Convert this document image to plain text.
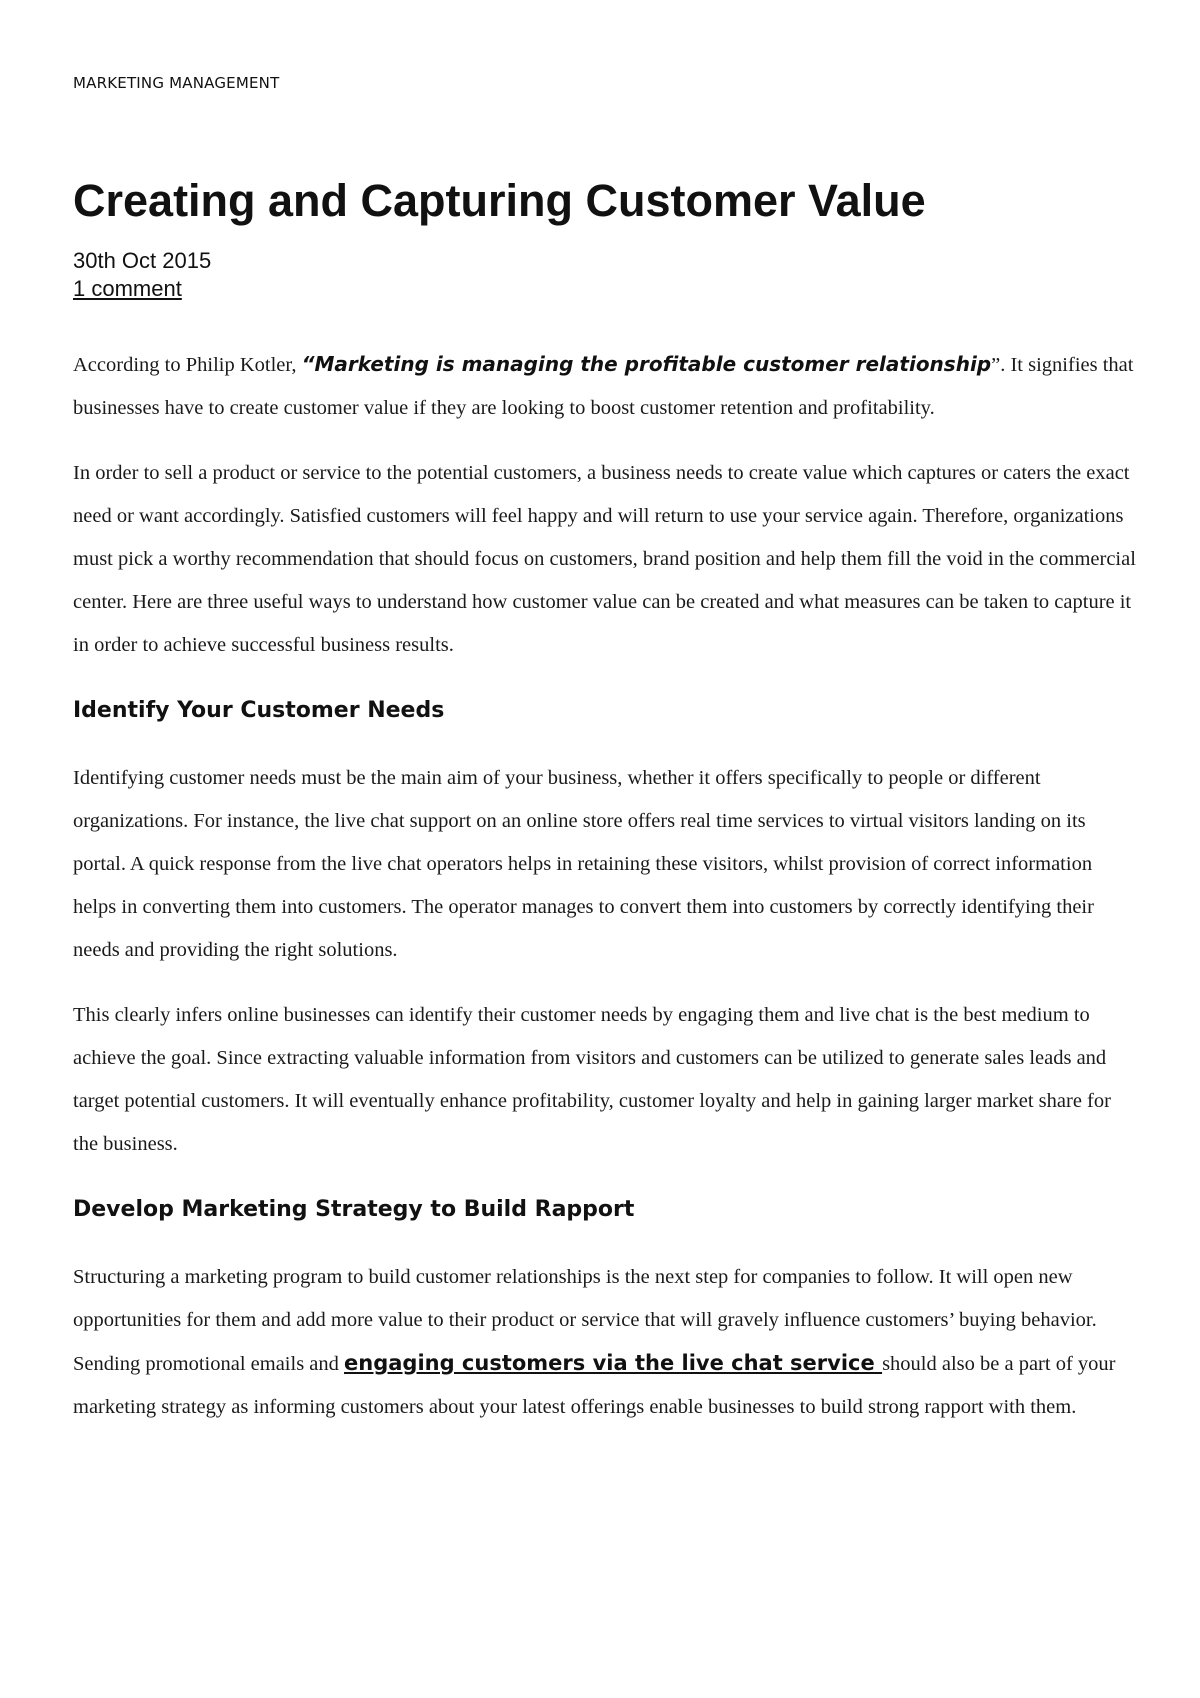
MARKETING MANAGEMENT

Creating and Capturing Customer Value
30th Oct 2015
1 comment

According to Philip Kotler, “Marketing is managing the profitable customer relationship”. It signifies that businesses have to create customer value if they are looking to boost customer retention and profitability.

In order to sell a product or service to the potential customers, a business needs to create value which captures or caters the exact need or want accordingly. Satisfied customers will feel happy and will return to use your service again. Therefore, organizations must pick a worthy recommendation that should focus on customers, brand position and help them fill the void in the commercial center. Here are three useful ways to understand how customer value can be created and what measures can be taken to capture it in order to achieve successful business results.

Identify Your Customer Needs

Identifying customer needs must be the main aim of your business, whether it offers specifically to people or different organizations. For instance, the live chat support on an online store offers real time services to virtual visitors landing on its portal. A quick response from the live chat operators helps in retaining these visitors, whilst provision of correct information helps in converting them into customers. The operator manages to convert them into customers by correctly identifying their needs and providing the right solutions.

This clearly infers online businesses can identify their customer needs by engaging them and live chat is the best medium to achieve the goal. Since extracting valuable information from visitors and customers can be utilized to generate sales leads and target potential customers. It will eventually enhance profitability, customer loyalty and help in gaining larger market share for the business.

Develop Marketing Strategy to Build Rapport

Structuring a marketing program to build customer relationships is the next step for companies to follow. It will open new opportunities for them and add more value to their product or service that will gravely influence customers’ buying behavior. Sending promotional emails and engaging customers via the live chat service should also be a part of your marketing strategy as informing customers about your latest offerings enable businesses to build strong rapport with them.
